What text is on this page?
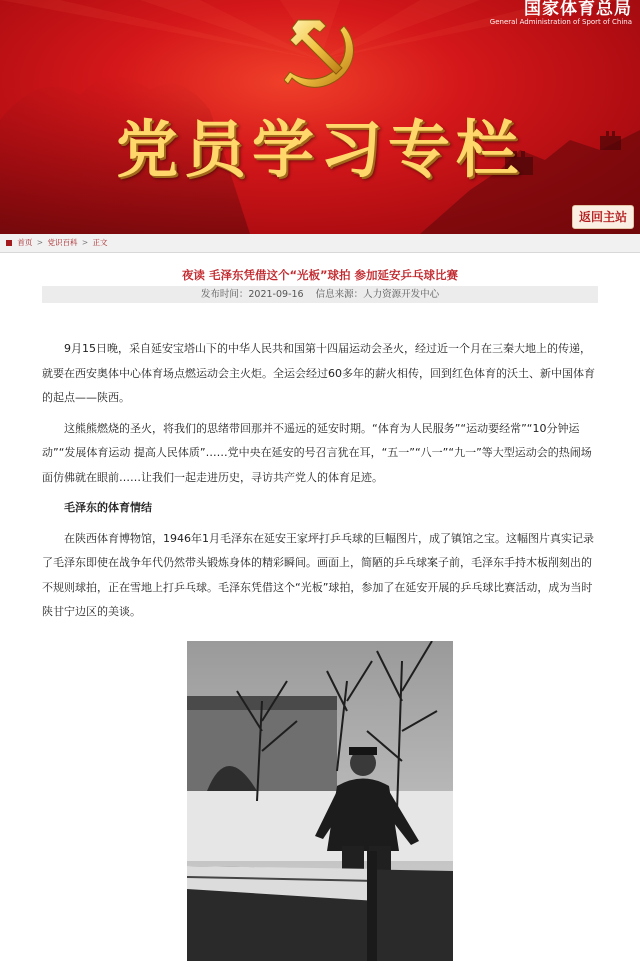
国家体育总局
General Administration of Sport of China
党员学习专栏
返回主站
首页 > 党识百科 > 正文
夜读 毛泽东凭借这个“光板”球拍 参加延安乒乓球比赛
发布时间：2021-09-16 信息来源：人力资源开发中心

9月15日晚，采自延安宝塔山下的中华人民共和国第十四届运动会圣火，经过近一个月在三秦大地上的传递，就要在西安奥体中心体育场点燃运动会主火炬。全运会经过60多年的薪火相传，回到红色体育的沃土、新中国体育的起点——陕西。

这熊熊燃烧的圣火，将我们的思绪带回那并不遥远的延安时期。“体育为人民服务”“运动要经常”“10分钟运动”“发展体育运动 提高人民体质”……党中央在延安的号召言犹在耳，“五一”“八一”“九一”等大型运动会的热闹场面仿佛就在眼前……让我们一起走进历史，寻访共产党人的体育足迹。

毛泽东的体育情结

在陕西体育博物馆，1946年1月毛泽东在延安王家坪打乒乓球的巨幅图片，成了镇馆之宝。这幅图片真实记录了毛泽东即使在战争年代仍然带头锻炼身体的精彩瞬间。画面上，简陋的乒乓球案子前，毛泽东手持木板削刻出的不规则球拍，正在雪地上打乒乓球。毛泽东凭借这个“光板”球拍，参加了在延安开展的乒乓球比赛活动，成为当时陕甘宁边区的美谈。
